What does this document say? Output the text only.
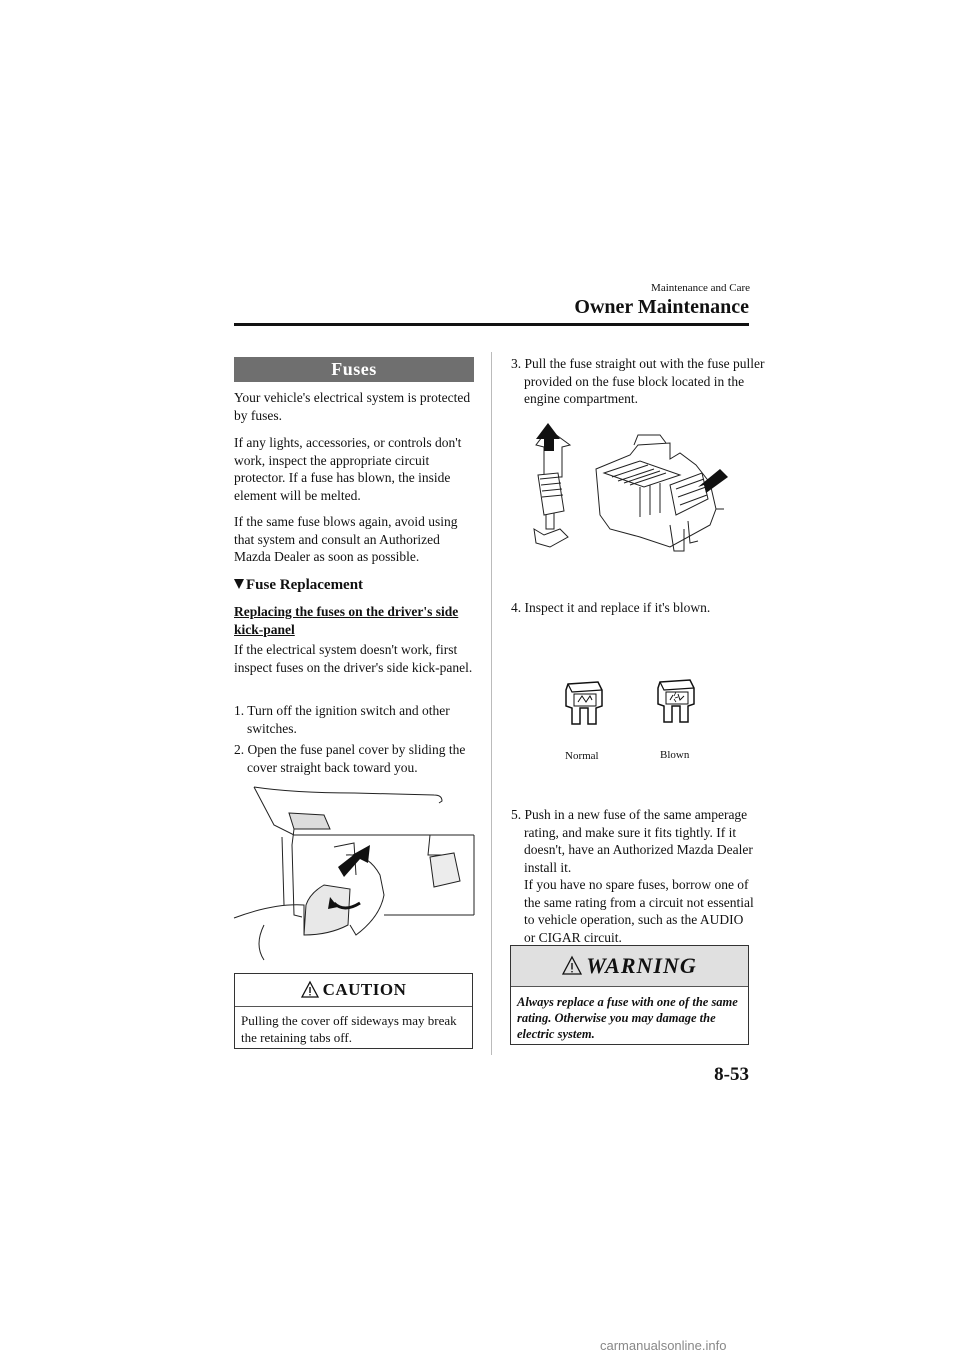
Maintenance and Care
Owner Maintenance
Fuses
Your vehicle's electrical system is protected by fuses.
If any lights, accessories, or controls don't work, inspect the appropriate circuit protector. If a fuse has blown, the inside element will be melted.
If the same fuse blows again, avoid using that system and consult an Authorized Mazda Dealer as soon as possible.
Fuse Replacement
Replacing the fuses on the driver's side kick-panel
If the electrical system doesn't work, first inspect fuses on the driver's side kick-panel.
1. Turn off the ignition switch and other switches.
2. Open the fuse panel cover by sliding the cover straight back toward you.
CAUTION
Pulling the cover off sideways may break the retaining tabs off.
3. Pull the fuse straight out with the fuse puller provided on the fuse block located in the engine compartment.
4. Inspect it and replace if it's blown.
Normal	Blown
5. Push in a new fuse of the same amperage rating, and make sure it fits tightly. If it doesn't, have an Authorized Mazda Dealer install it.
If you have no spare fuses, borrow one of the same rating from a circuit not essential to vehicle operation, such as the AUDIO or CIGAR circuit.
WARNING
Always replace a fuse with one of the same rating. Otherwise you may damage the electric system.
8-53
carmanualsonline.info
